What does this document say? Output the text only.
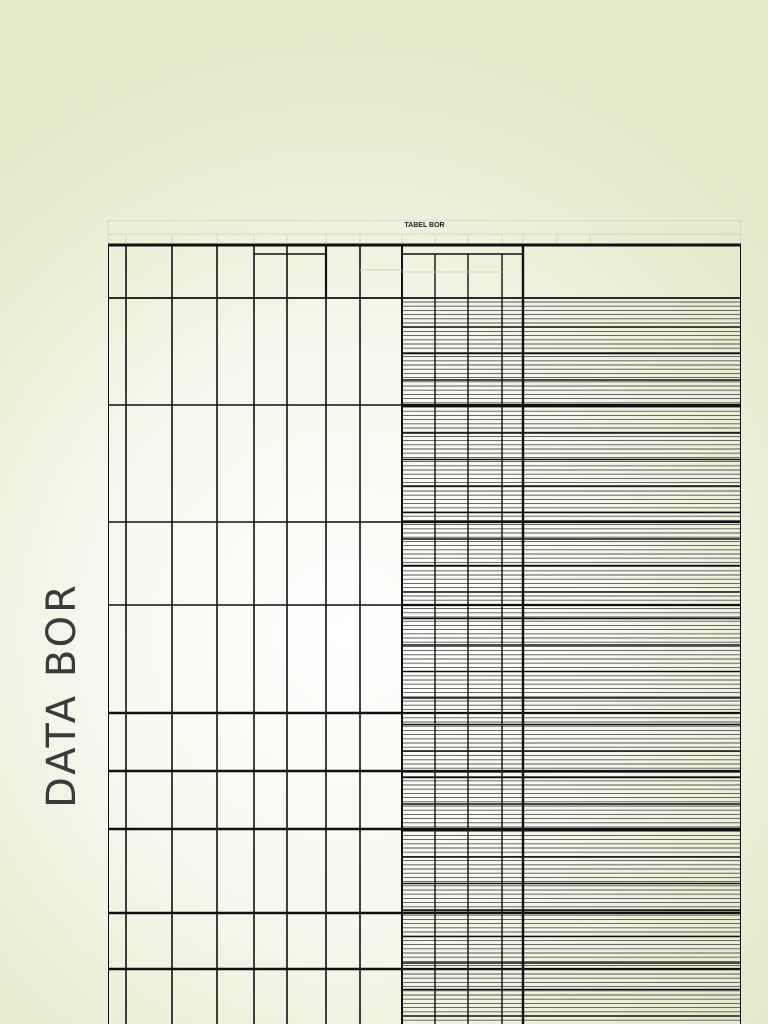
DATA BOR
TABEL BOR
